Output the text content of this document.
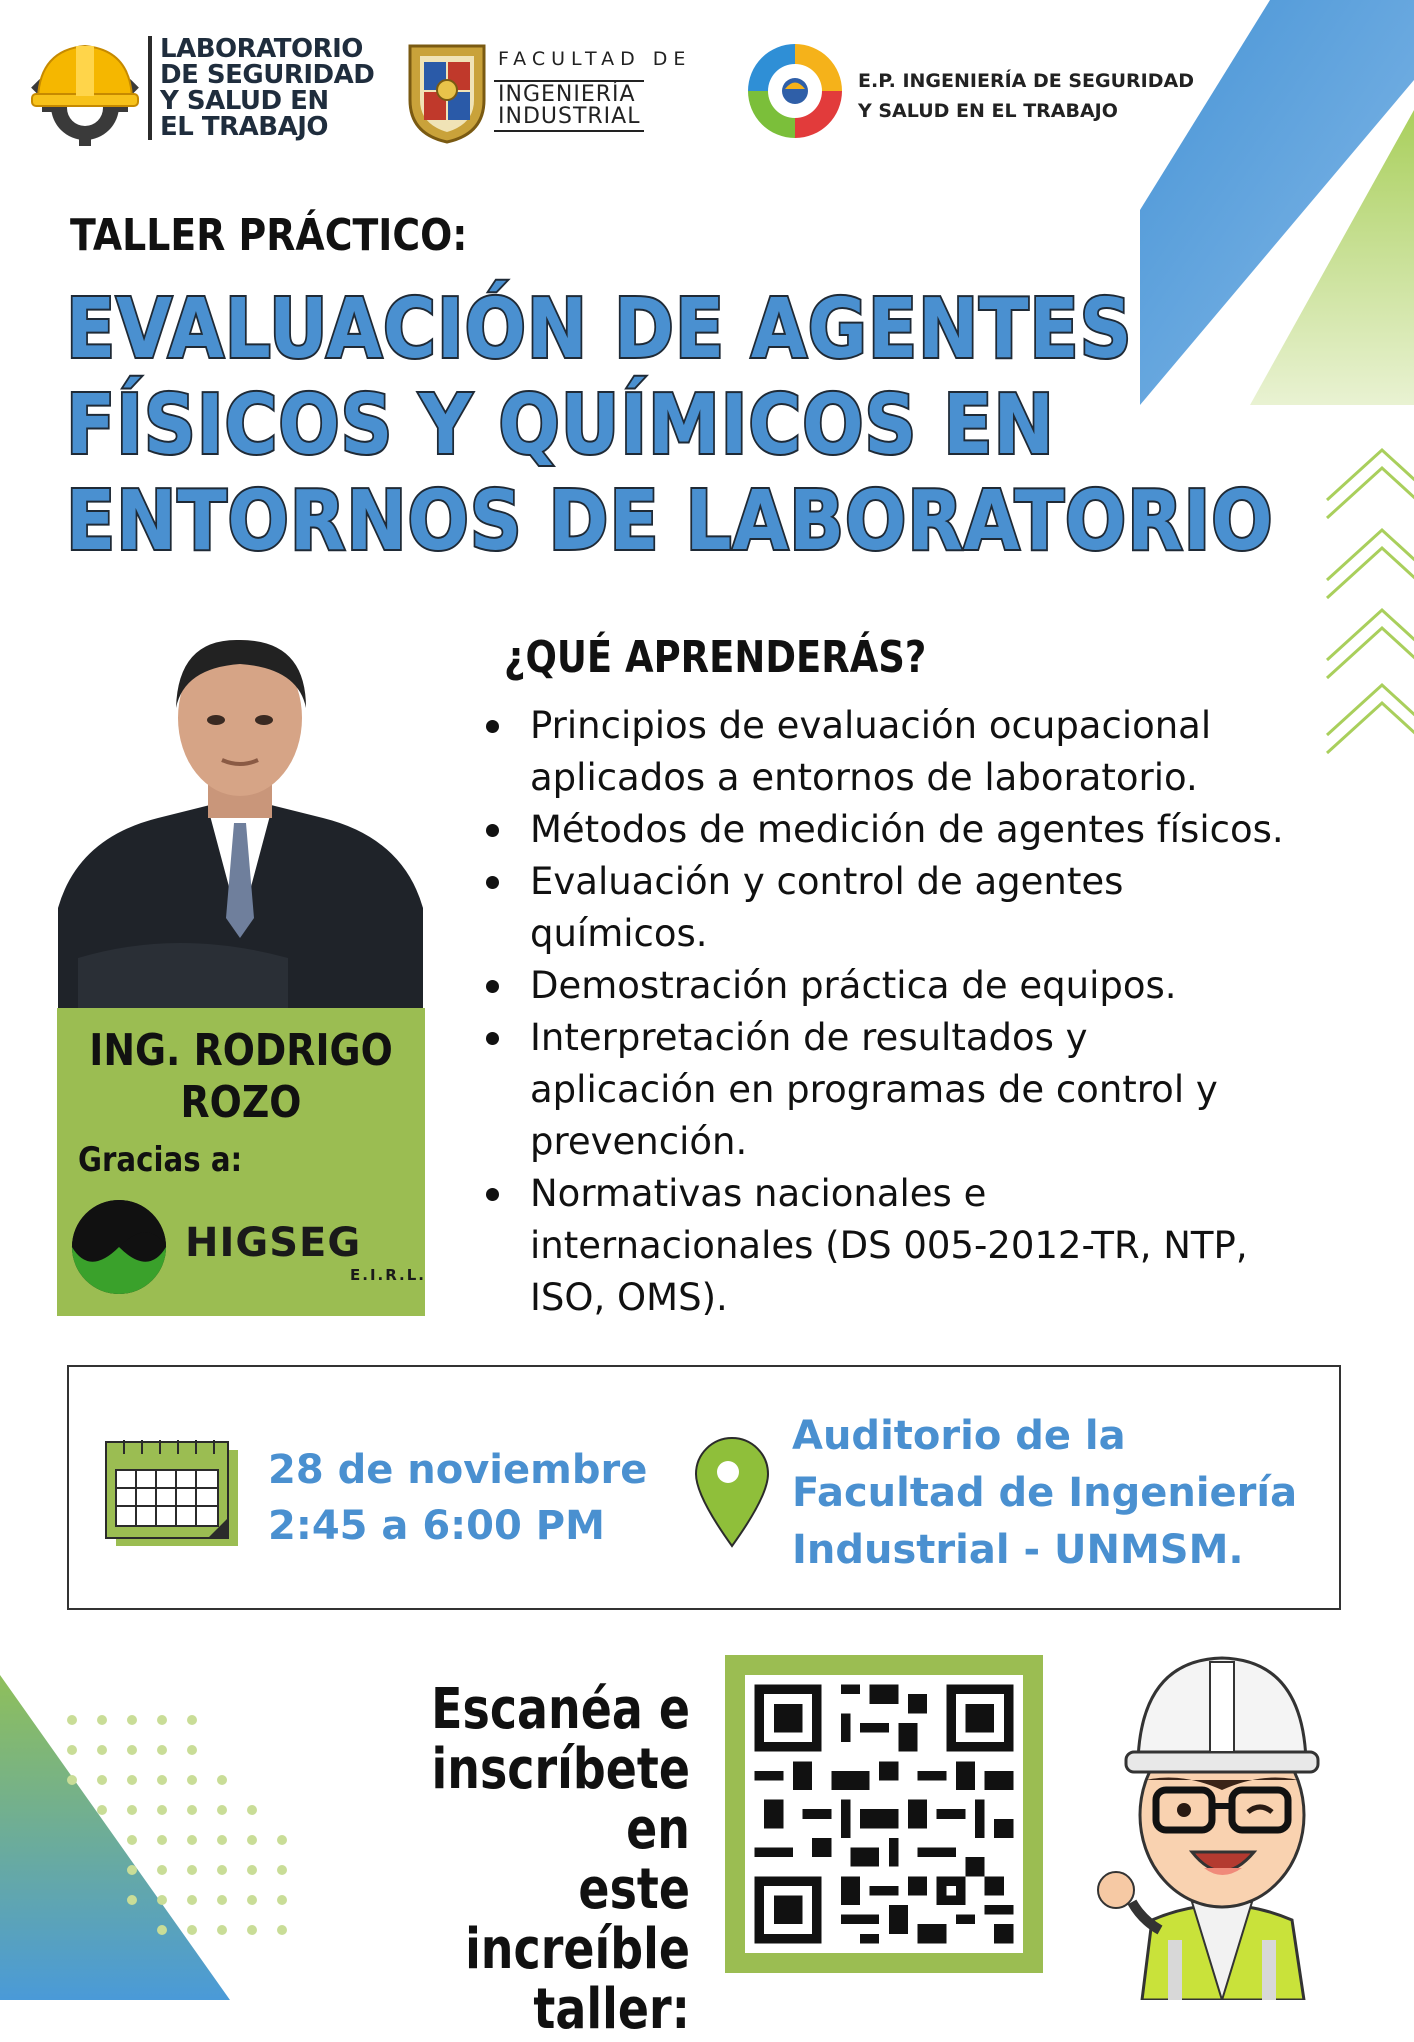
LABORATORIO
DE SEGURIDAD
Y SALUD EN
EL TRABAJO
FACULTAD DE
INGENIERÍA
INDUSTRIAL
E.P. INGENIERÍA DE SEGURIDAD
Y SALUD EN EL TRABAJO
TALLER PRÁCTICO:
EVALUACIÓN DE AGENTES
FÍSICOS Y QUÍMICOS EN
ENTORNOS DE LABORATORIO
ING. RODRIGO
ROZO
Gracias a:
HIGSEG
E.I.R.L.
¿QUÉ APRENDERÁS?
Principios de evaluación ocupacional
aplicados a entornos de laboratorio.
Métodos de medición de agentes físicos.
Evaluación y control de agentes
químicos.
Demostración práctica de equipos.
Interpretación de resultados y
aplicación en programas de control y
prevención.
Normativas nacionales e
internacionales (DS 005-2012-TR, NTP,
ISO, OMS).
28 de noviembre
2:45 a 6:00 PM
Auditorio de la
Facultad de Ingeniería
Industrial - UNMSM.
Escanéa e
inscríbete en
este increíble
taller:
